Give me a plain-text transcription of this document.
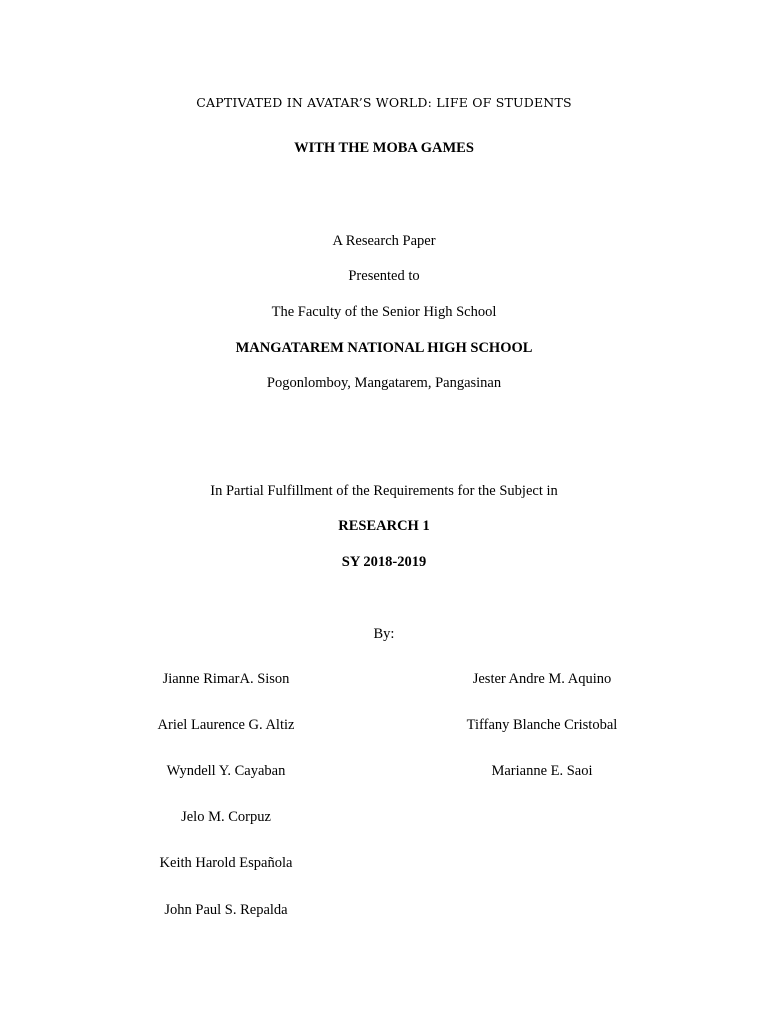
CAPTIVATED IN AVATAR’S WORLD: LIFE OF STUDENTS
WITH THE MOBA GAMES
A Research Paper
Presented to
The Faculty of the Senior High School
MANGATAREM NATIONAL HIGH SCHOOL
Pogonlomboy, Mangatarem, Pangasinan
In Partial Fulfillment of the Requirements for the Subject in
RESEARCH 1
SY 2018-2019
By:
Jianne RimarA. Sison
Ariel Laurence G. Altiz
Wyndell Y. Cayaban
Jelo M. Corpuz
Keith Harold Española
John Paul S. Repalda
Jester Andre M. Aquino
Tiffany Blanche Cristobal
Marianne E. Saoi
